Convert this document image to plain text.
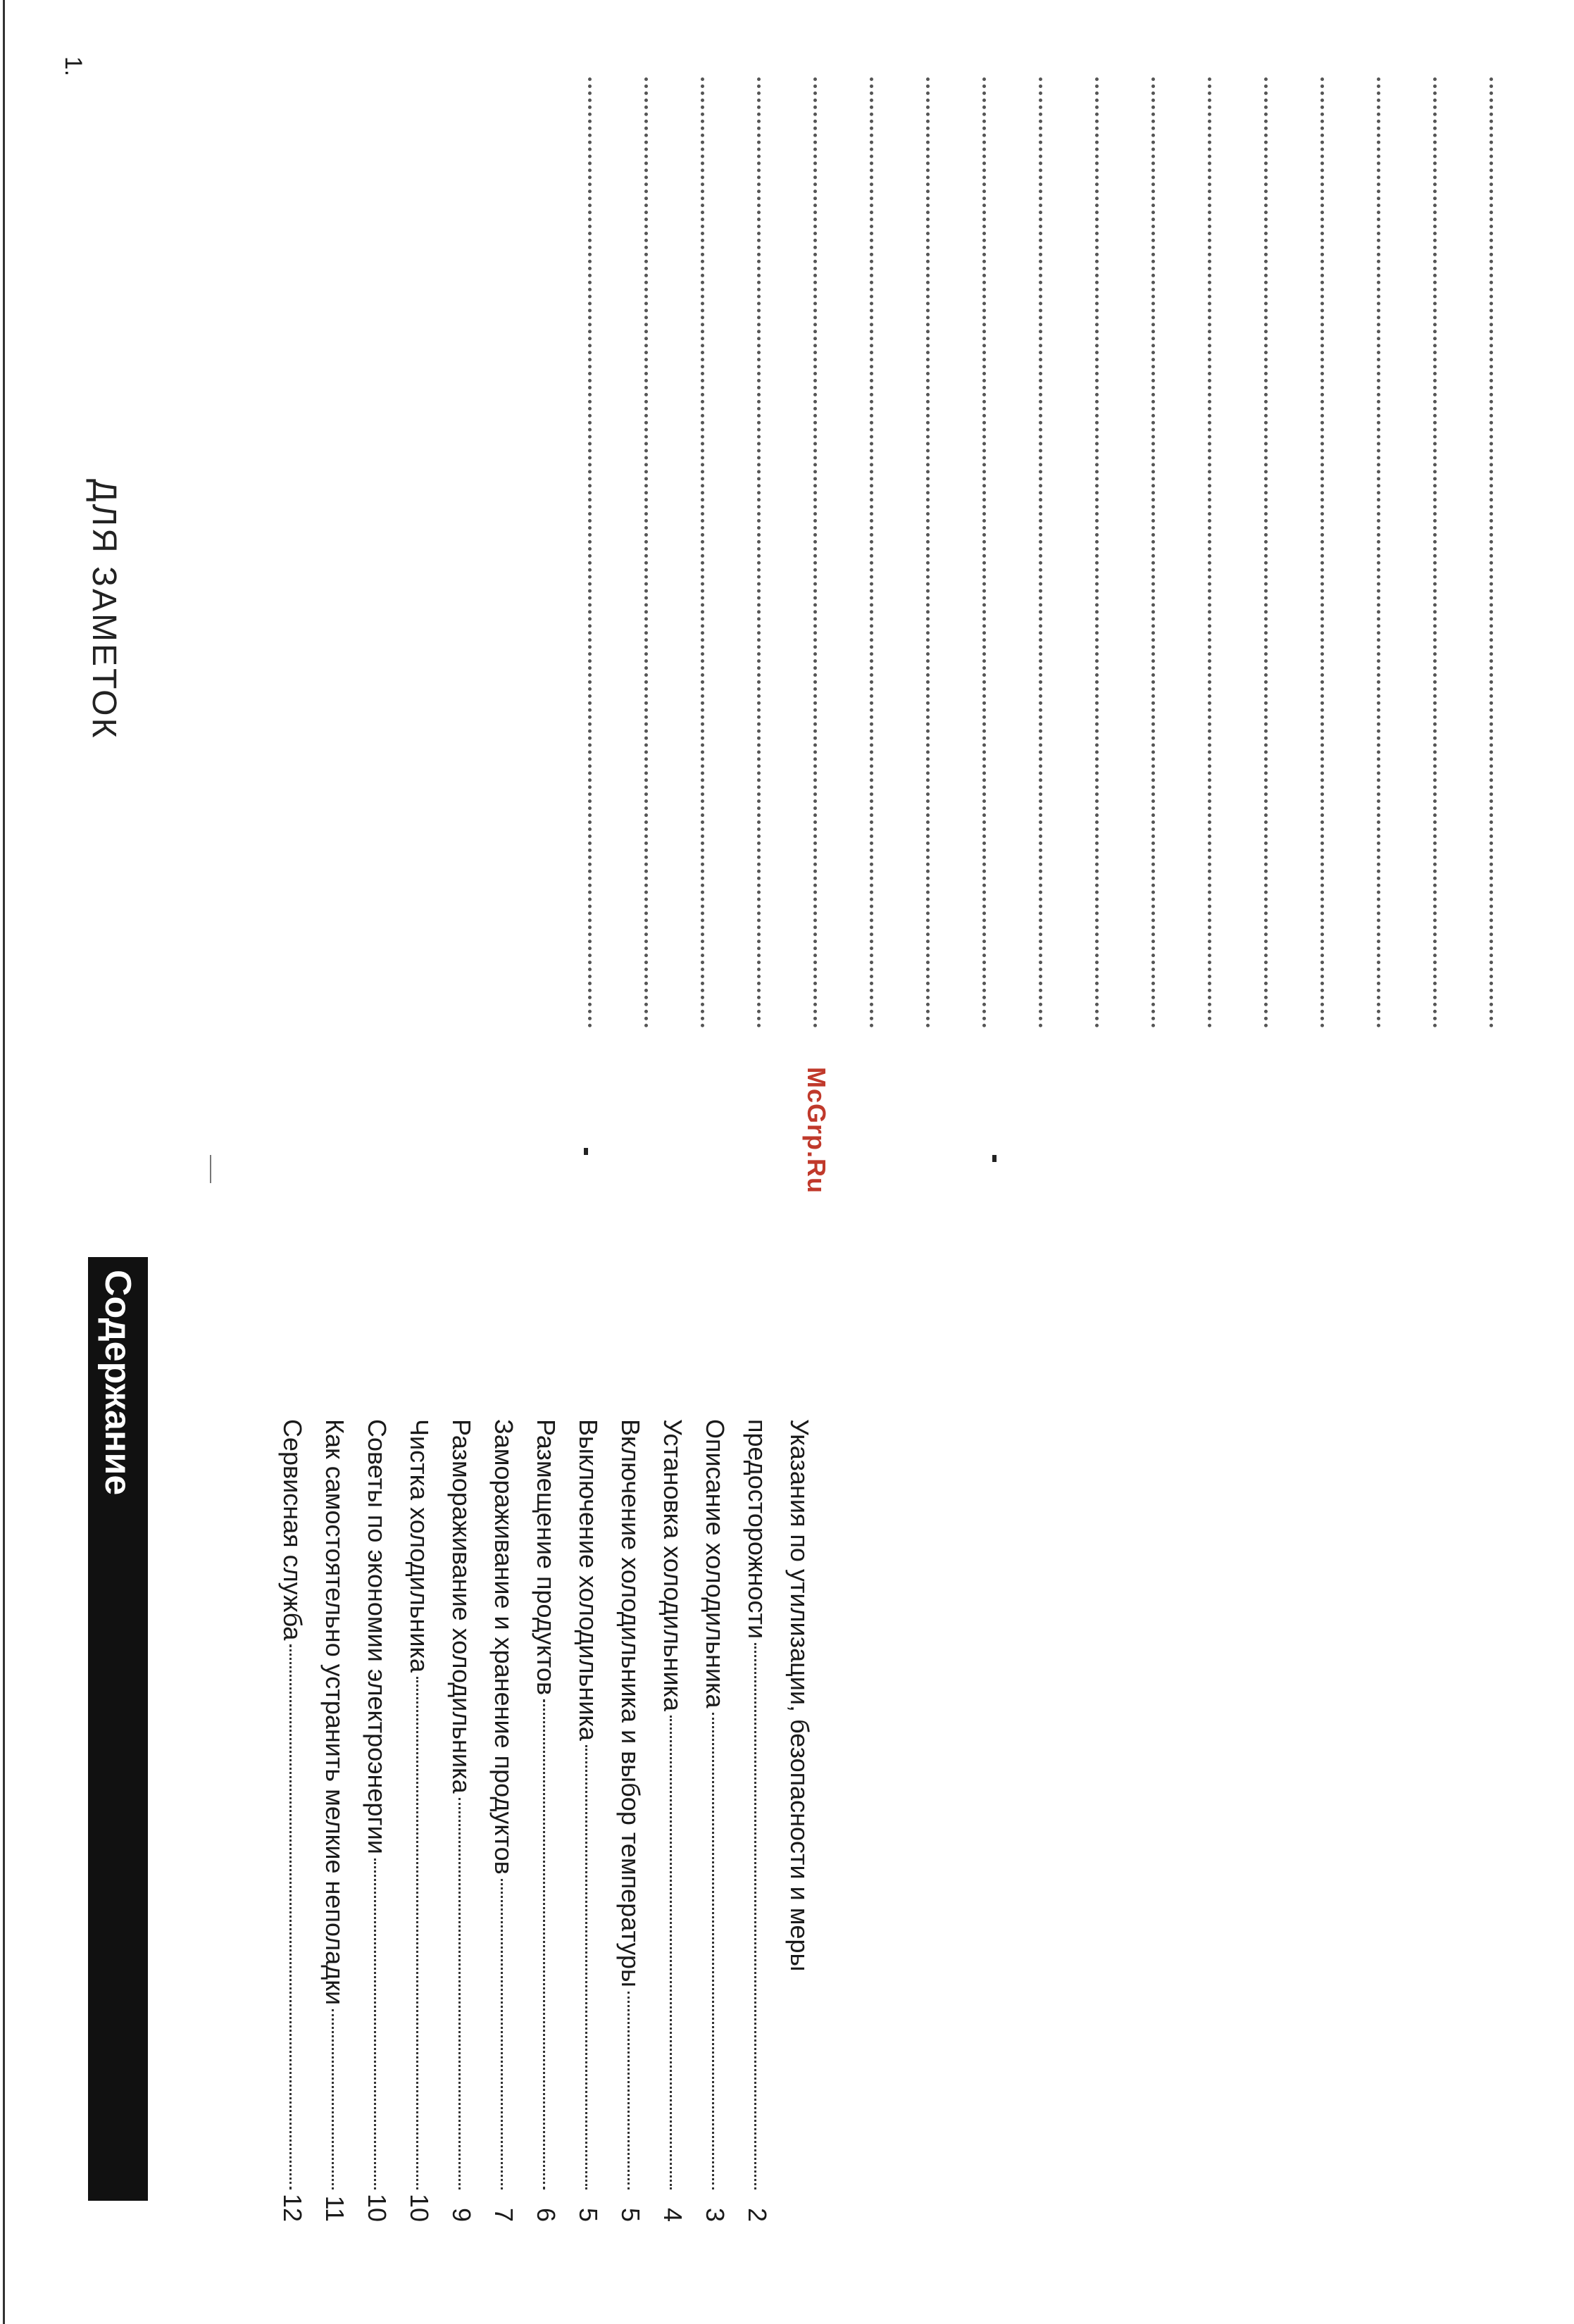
1.
ДЛЯ ЗАМЕТОК
McGrp.Ru
Содержание
Указания по утилизации, безопасности и меры
предосторожности
2
Описание холодильника
3
Установка холодильника
4
Включение холодильника и выбор температуры
5
Выключение холодильника
5
Размещение продуктов
6
Замораживание и хранение продуктов
7
Размораживание холодильника
9
Чистка холодильника
10
Советы по экономии электроэнергии
10
Как самостоятельно устранить мелкие неполадки
11
Сервисная служба
12
